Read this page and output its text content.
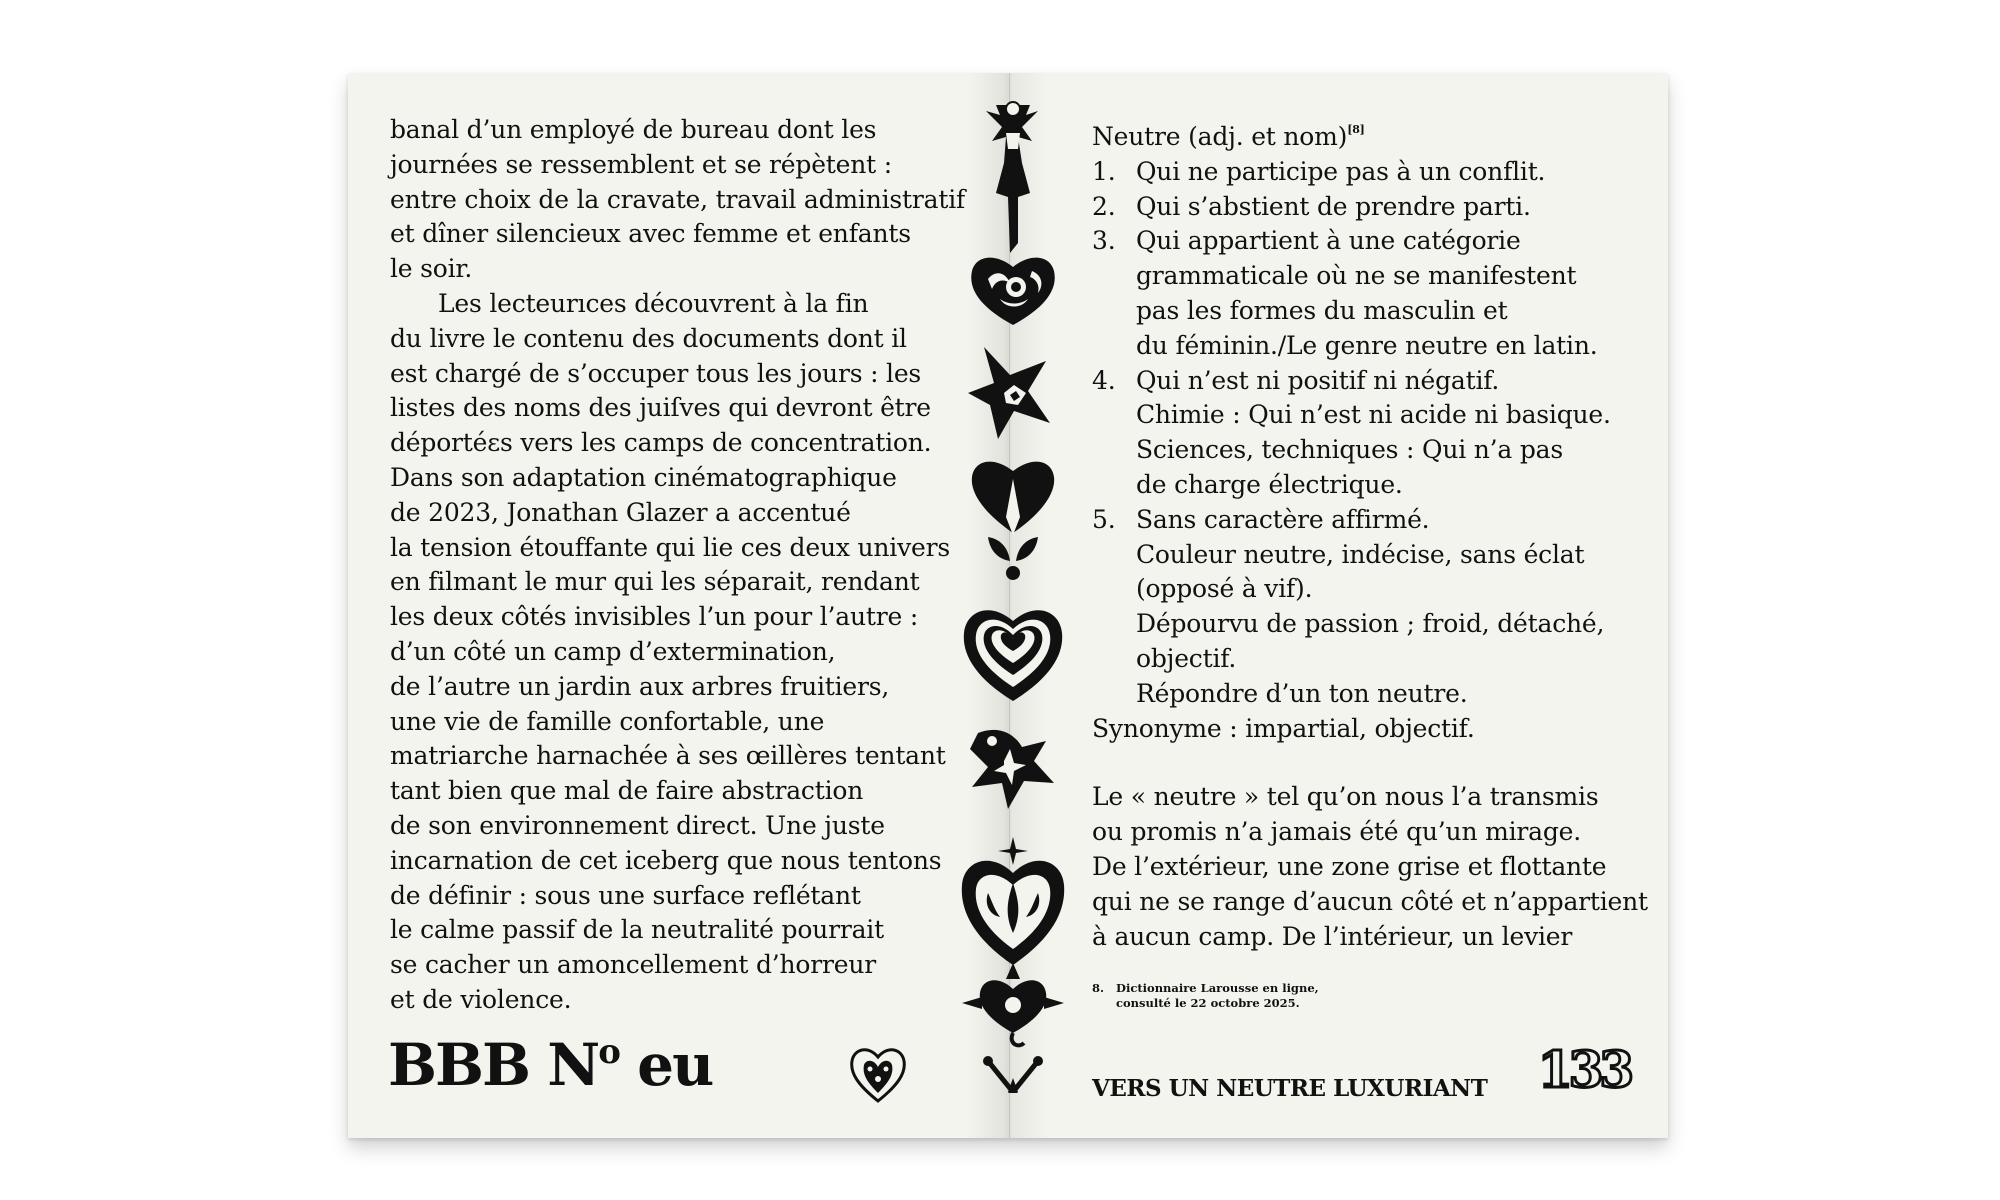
banal d’un employé de bureau dont les
journées se ressemblent et se répètent :
entre choix de la cravate, travail administratif
et dîner silencieux avec femme et enfants
le soir.
Les lecteurıces découvrent à la fin
du livre le contenu des documents dont il
est chargé de s’occuper tous les jours : les
listes des noms des juiſves qui devront être
déportéεs vers les camps de concentration.
Dans son adaptation cinématographique
de 2023, Jonathan Glazer a accentué
la tension étouffante qui lie ces deux univers
en filmant le mur qui les séparait, rendant
les deux côtés invisibles l’un pour l’autre :
d’un côté un camp d’extermination,
de l’autre un jardin aux arbres fruitiers,
une vie de famille confortable, une
matriarche harnachée à ses œillères tentant
tant bien que mal de faire abstraction
de son environnement direct. Une juste
incarnation de cet iceberg que nous tentons
de définir : sous une surface reflétant
le calme passif de la neutralité pourrait
se cacher un amoncellement d’horreur
et de violence.
BBB $N^o$ eu
Neutre (adj. et nom)[8]
1. Qui ne participe pas à un conflit.
2. Qui s’abstient de prendre parti.
3. Qui appartient à une catégorie
grammaticale où ne se manifestent
pas les formes du masculin et
du féminin./Le genre neutre en latin.
4. Qui n’est ni positif ni négatif.
Chimie : Qui n’est ni acide ni basique.
Sciences, techniques : Qui n’a pas
de charge électrique.
5. Sans caractère affirmé.
Couleur neutre, indécise, sans éclat
(opposé à vif).
Dépourvu de passion ; froid, détaché,
objectif.
Répondre d’un ton neutre.
Synonyme : impartial, objectif.
Le « neutre » tel qu’on nous l’a transmis
ou promis n’a jamais été qu’un mirage.
De l’extérieur, une zone grise et flottante
qui ne se range d’aucun côté et n’appartient
à aucun camp. De l’intérieur, un levier
8. Dictionnaire Larousse en ligne,
consulté le 22 octobre 2025.
VERS UN NEUTRE LUXURIANT 133
